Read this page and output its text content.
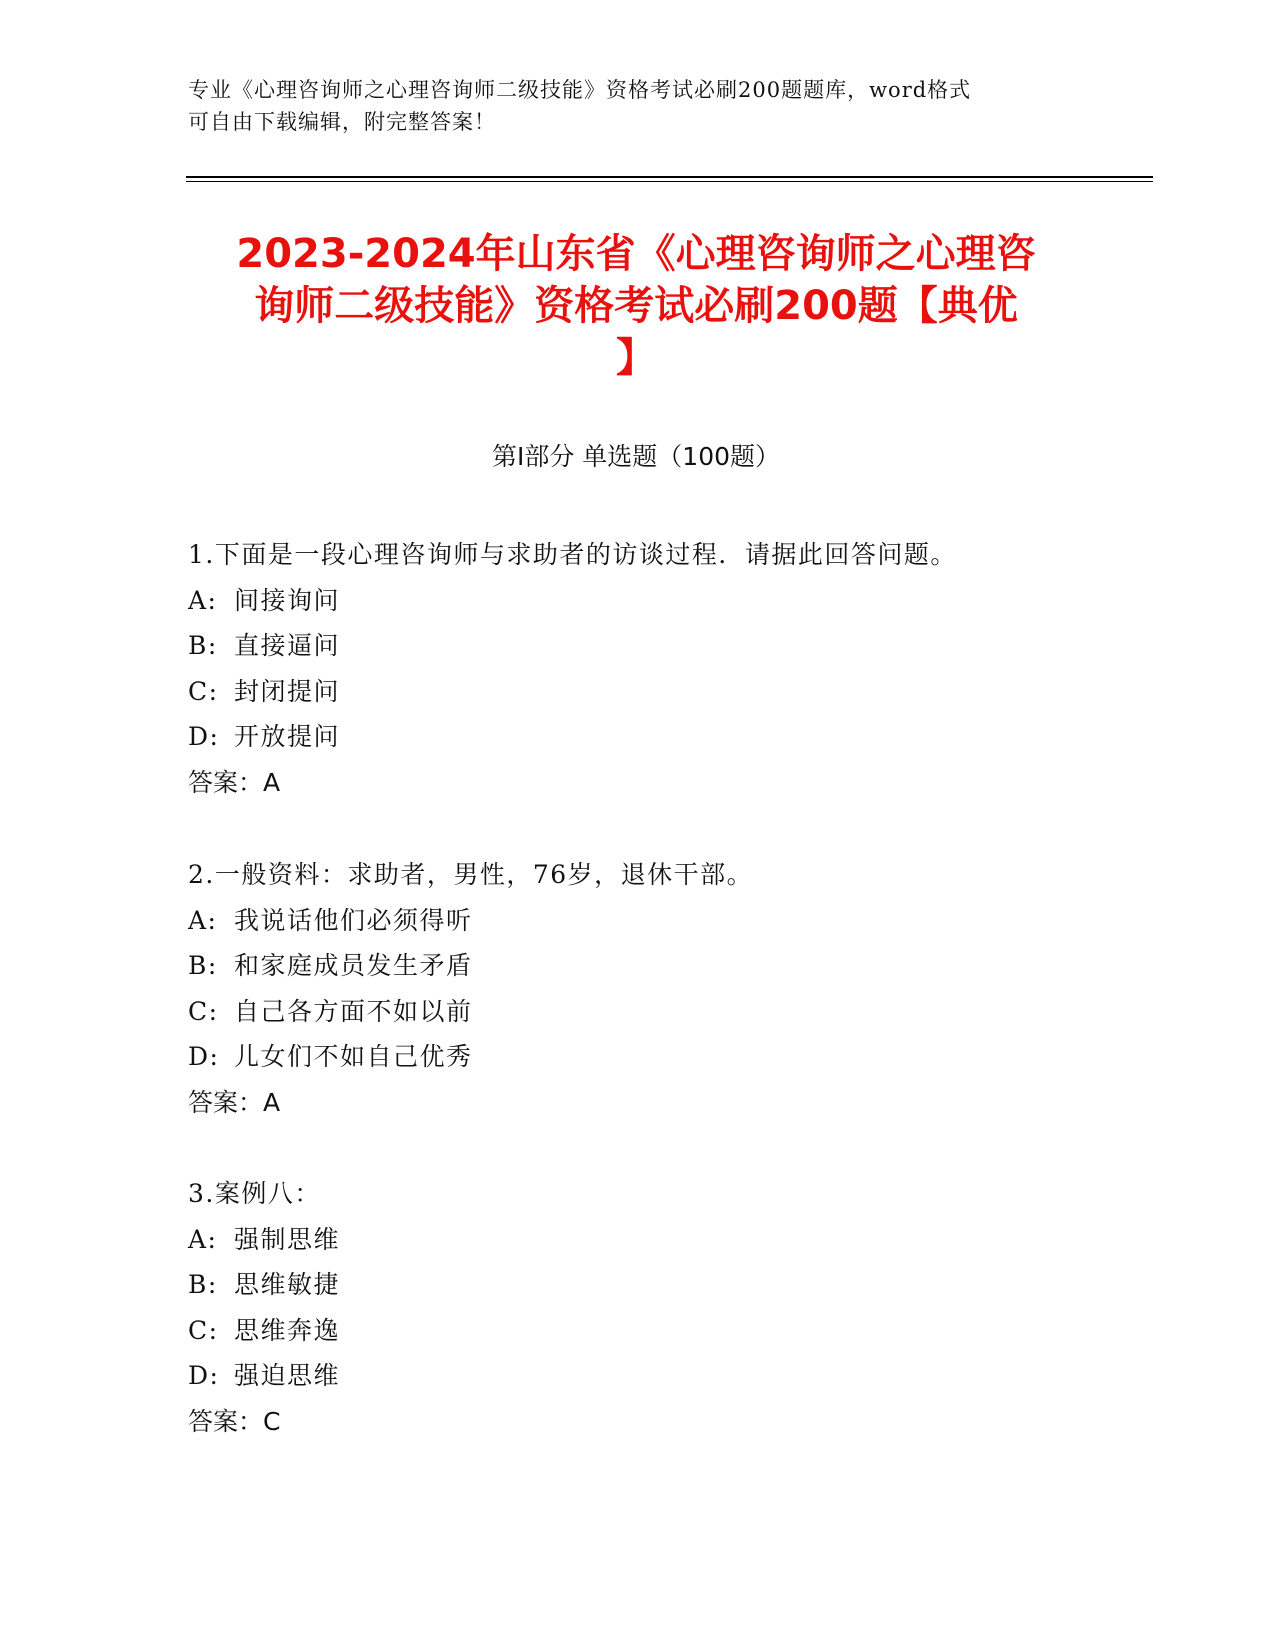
专业《心理咨询师之心理咨询师二级技能》资格考试必刷200题题库，word格式
可自由下载编辑，附完整答案！
2023-2024年山东省《心理咨询师之心理咨
询师二级技能》资格考试必刷200题【典优
】
第Ⅰ部分 单选题（100题）
1.下面是一段心理咨询师与求助者的访谈过程．请据此回答问题。
A: 间接询问
B: 直接逼问
C: 封闭提问
D: 开放提问
答案：A
2.一般资料：求助者，男性，76岁，退休干部。
A: 我说话他们必须得听
B: 和家庭成员发生矛盾
C: 自己各方面不如以前
D: 儿女们不如自己优秀
答案：A
3.案例八：
A: 强制思维
B: 思维敏捷
C: 思维奔逸
D: 强迫思维
答案：C
